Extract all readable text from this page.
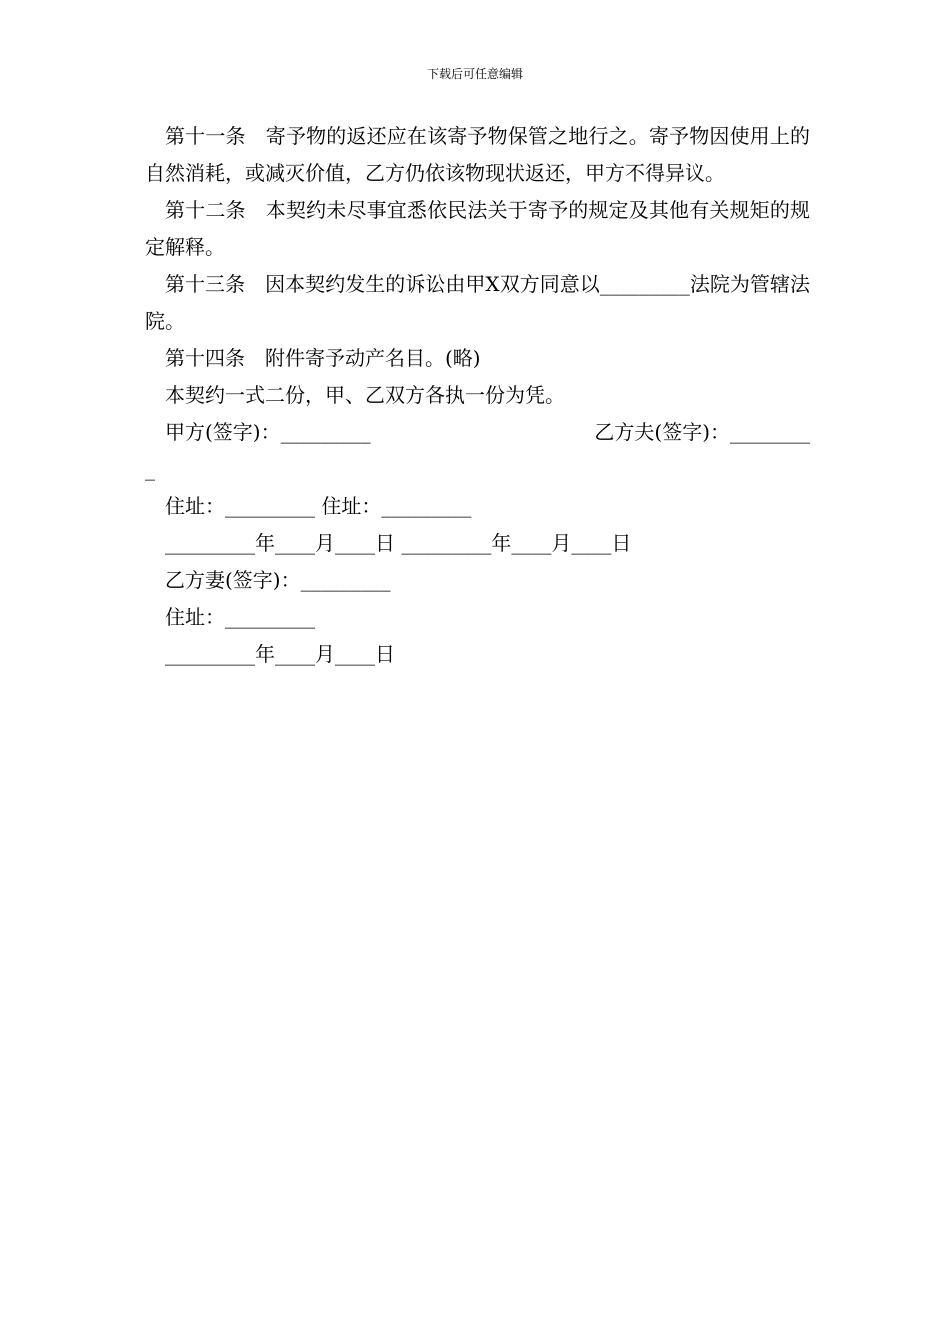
下载后可任意编辑

第十一条　寄予物的返还应在该寄予物保管之地行之。寄予物因使用上的自然消耗，或减灭价值，乙方仍依该物现状返还，甲方不得异议。

第十二条　本契约未尽事宜悉依民法关于寄予的规定及其他有关规矩的规定解释。

第十三条　因本契约发生的诉讼由甲X双方同意以_________法院为管辖法院。

第十四条　附件寄予动产名目。(略)

本契约一式二份，甲、乙双方各执一份为凭。

甲方(签字)：_________	乙方夫(签字)：________
_

住址：_________ 住址：_________

_________年____月____日 _________年____月____日

乙方妻(签字)：_________

住址：_________

_________年____月____日
